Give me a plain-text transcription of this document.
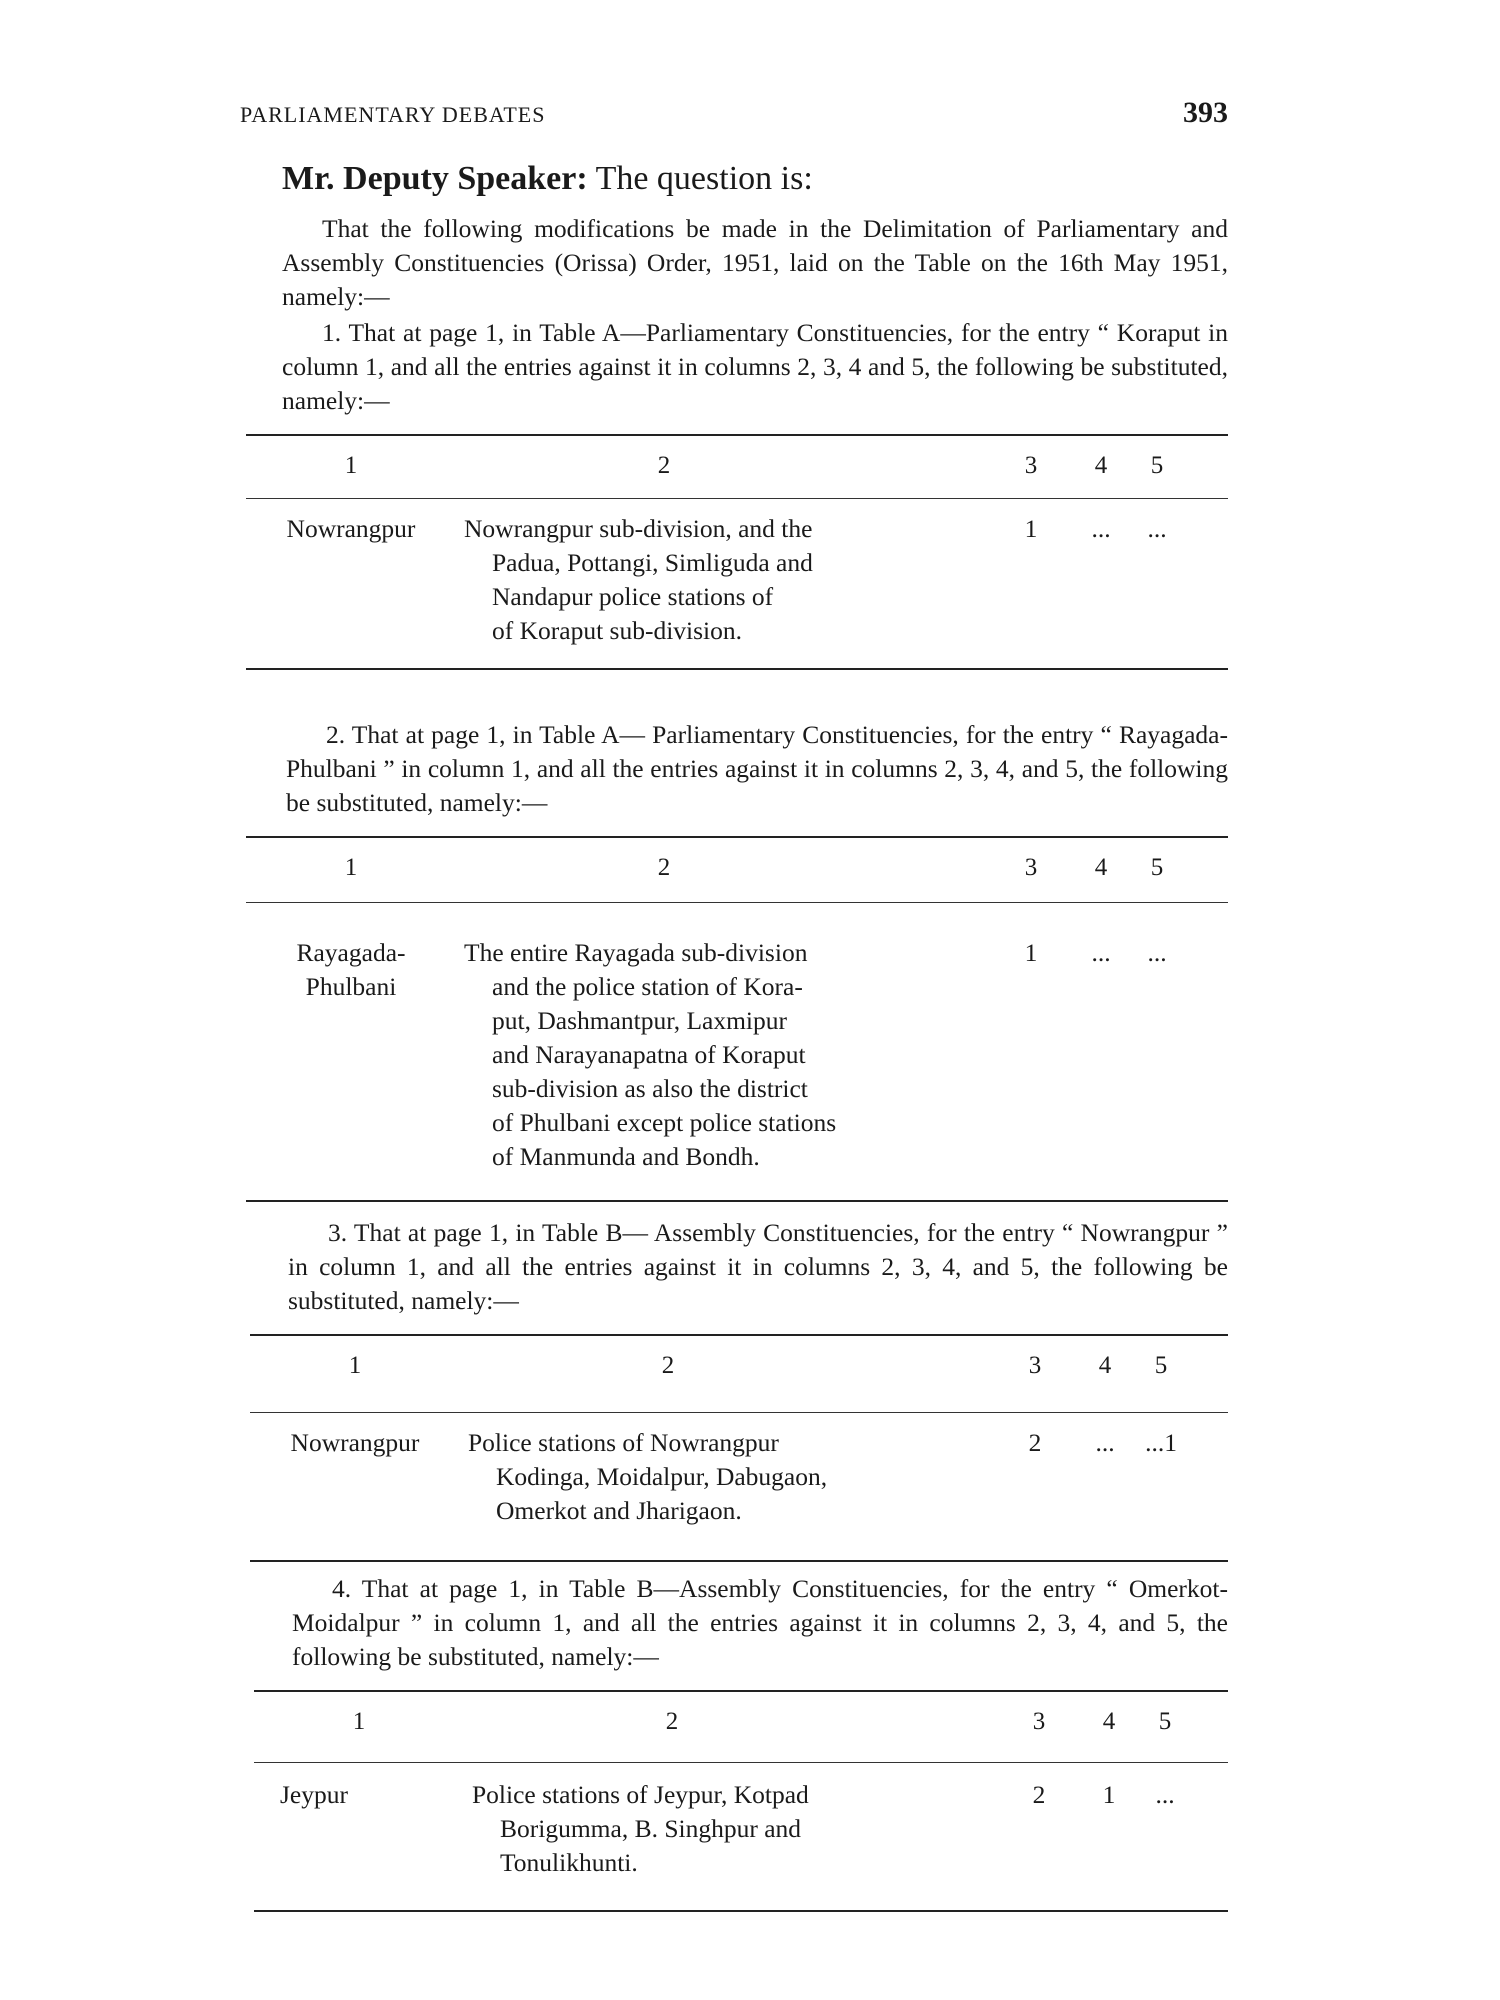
PARLIAMENTARY DEBATES	393
Mr. Deputy Speaker: The question is:

That the following modifications be made in the Delimitation of Parliamentary and Assembly Constituencies (Orissa) Order, 1951, laid on the Table on the 16th May 1951, namely:—

1. That at page 1, in Table A—Parliamentary Constituencies, for the entry “ Koraput in column 1, and all the entries against it in columns 2, 3, 4 and 5, the following be substituted, namely:—

1	2	3	4	5
Nowrangpur	Nowrangpur sub-division, and the
Padua, Pottangi, Simliguda and
Nandapur police stations of
of Koraput sub-division.
1	...	...

2. That at page 1, in Table A— Parliamentary Constituencies, for the entry “ Rayagada-Phulbani ” in column 1, and all the entries against it in columns 2, 3, 4, and 5, the following be substituted, namely:—

1	2	3	4	5
Rayagada-
Phulbani
The entire Rayagada sub-division
and the police station of Kora-
put, Dashmantpur, Laxmipur
and Narayanapatna of Koraput
sub-division as also the district
of Phulbani except police stations
of Manmunda and Bondh.
1	...	...

3. That at page 1, in Table B— Assembly Constituencies, for the entry “ Nowrangpur ” in column 1, and all the entries against it in columns 2, 3, 4, and 5, the following be substituted, namely:—

1	2	3	4	5
Nowrangpur	Police stations of Nowrangpur
Kodinga, Moidalpur, Dabugaon,
Omerkot and Jharigaon.
2	...	...1

4. That at page 1, in Table B—Assembly Constituencies, for the entry “ Omerkot-Moidalpur ” in column 1, and all the entries against it in columns 2, 3, 4, and 5, the following be substituted, namely:—

1	2	3	4	5
Jeypur	Police stations of Jeypur, Kotpad
Borigumma, B. Singhpur and
Tonulikhunti.
2	1	...
